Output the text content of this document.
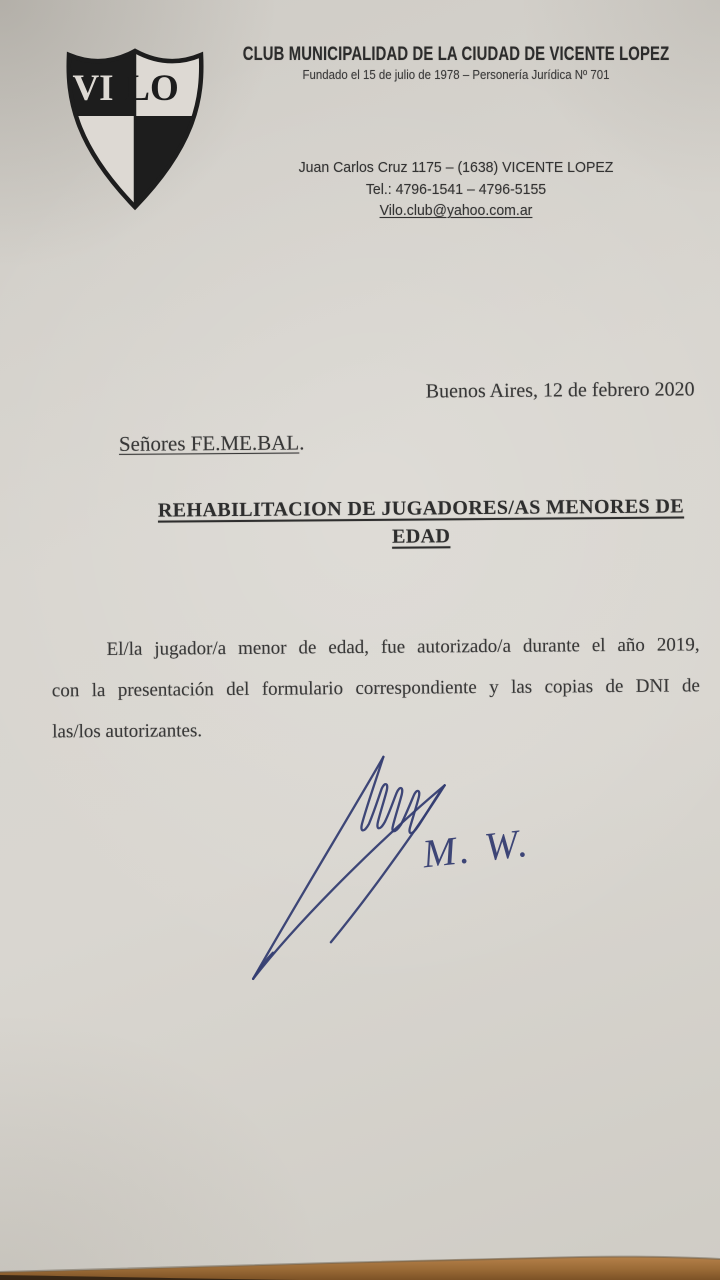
VI LO
CLUB MUNICIPALIDAD DE LA CIUDAD DE VICENTE LOPEZ
Fundado el 15 de julio de 1978 – Personería Jurídica Nº 701
Juan Carlos Cruz 1175 – (1638) VICENTE LOPEZ
Tel.: 4796-1541 – 4796-5155
Vilo.club@yahoo.com.ar
Buenos Aires, 12 de febrero 2020
Señores FE.ME.BAL.
REHABILITACION DE JUGADORES/AS MENORES DE
EDAD
El/la jugador/a menor de edad, fue autorizado/a durante el año 2019,
con la presentación del formulario correspondiente y las copias de DNI de
las/los autorizantes.
M. W.
